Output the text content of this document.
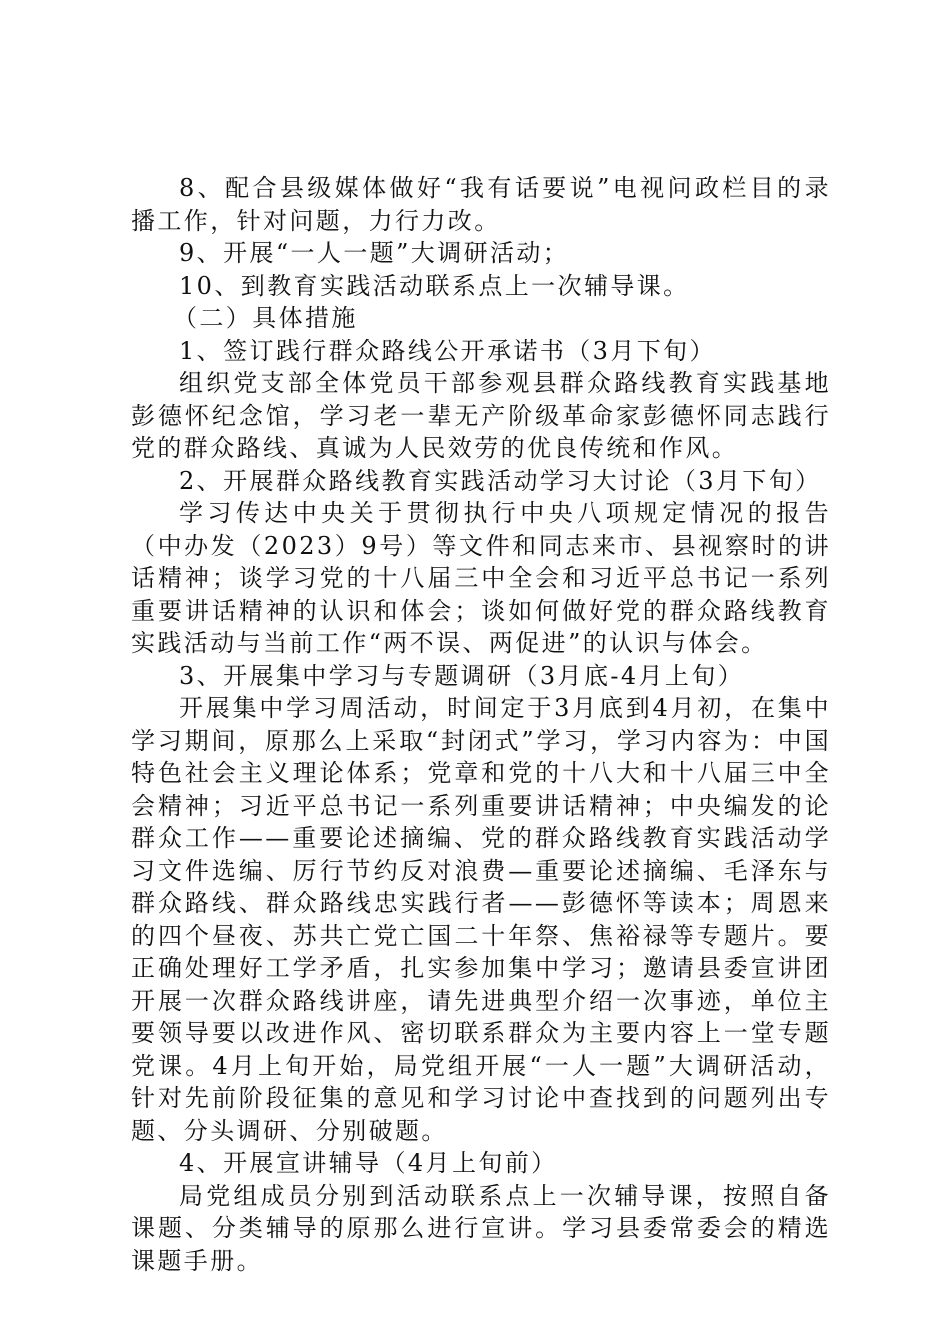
8、配合县级媒体做好“我有话要说”电视问政栏目的录播工作，针对问题，力行力改。

9、开展“一人一题”大调研活动；

10、到教育实践活动联系点上一次辅导课。

（二）具体措施

1、签订践行群众路线公开承诺书（3月下旬）

组织党支部全体党员干部参观县群众路线教育实践基地彭德怀纪念馆，学习老一辈无产阶级革命家彭德怀同志践行党的群众路线、真诚为人民效劳的优良传统和作风。

2、开展群众路线教育实践活动学习大讨论（3月下旬）

学习传达中央关于贯彻执行中央八项规定情况的报告（中办发（2023）9号）等文件和同志来市、县视察时的讲话精神；谈学习党的十八届三中全会和习近平总书记一系列重要讲话精神的认识和体会；谈如何做好党的群众路线教育实践活动与当前工作“两不误、两促进”的认识与体会。

3、开展集中学习与专题调研（3月底-4月上旬）

开展集中学习周活动，时间定于3月底到4月初，在集中学习期间，原那么上采取“封闭式”学习，学习内容为：中国特色社会主义理论体系；党章和党的十八大和十八届三中全会精神；习近平总书记一系列重要讲话精神；中央编发的论群众工作——重要论述摘编、党的群众路线教育实践活动学习文件选编、厉行节约反对浪费—重要论述摘编、毛泽东与群众路线、群众路线忠实践行者——彭德怀等读本；周恩来的四个昼夜、苏共亡党亡国二十年祭、焦裕禄等专题片。要正确处理好工学矛盾，扎实参加集中学习；邀请县委宣讲团开展一次群众路线讲座，请先进典型介绍一次事迹，单位主要领导要以改进作风、密切联系群众为主要内容上一堂专题党课。4月上旬开始，局党组开展“一人一题”大调研活动，针对先前阶段征集的意见和学习讨论中查找到的问题列出专题、分头调研、分别破题。

4、开展宣讲辅导（4月上旬前）

局党组成员分别到活动联系点上一次辅导课，按照自备课题、分类辅导的原那么进行宣讲。学习县委常委会的精选课题手册。
